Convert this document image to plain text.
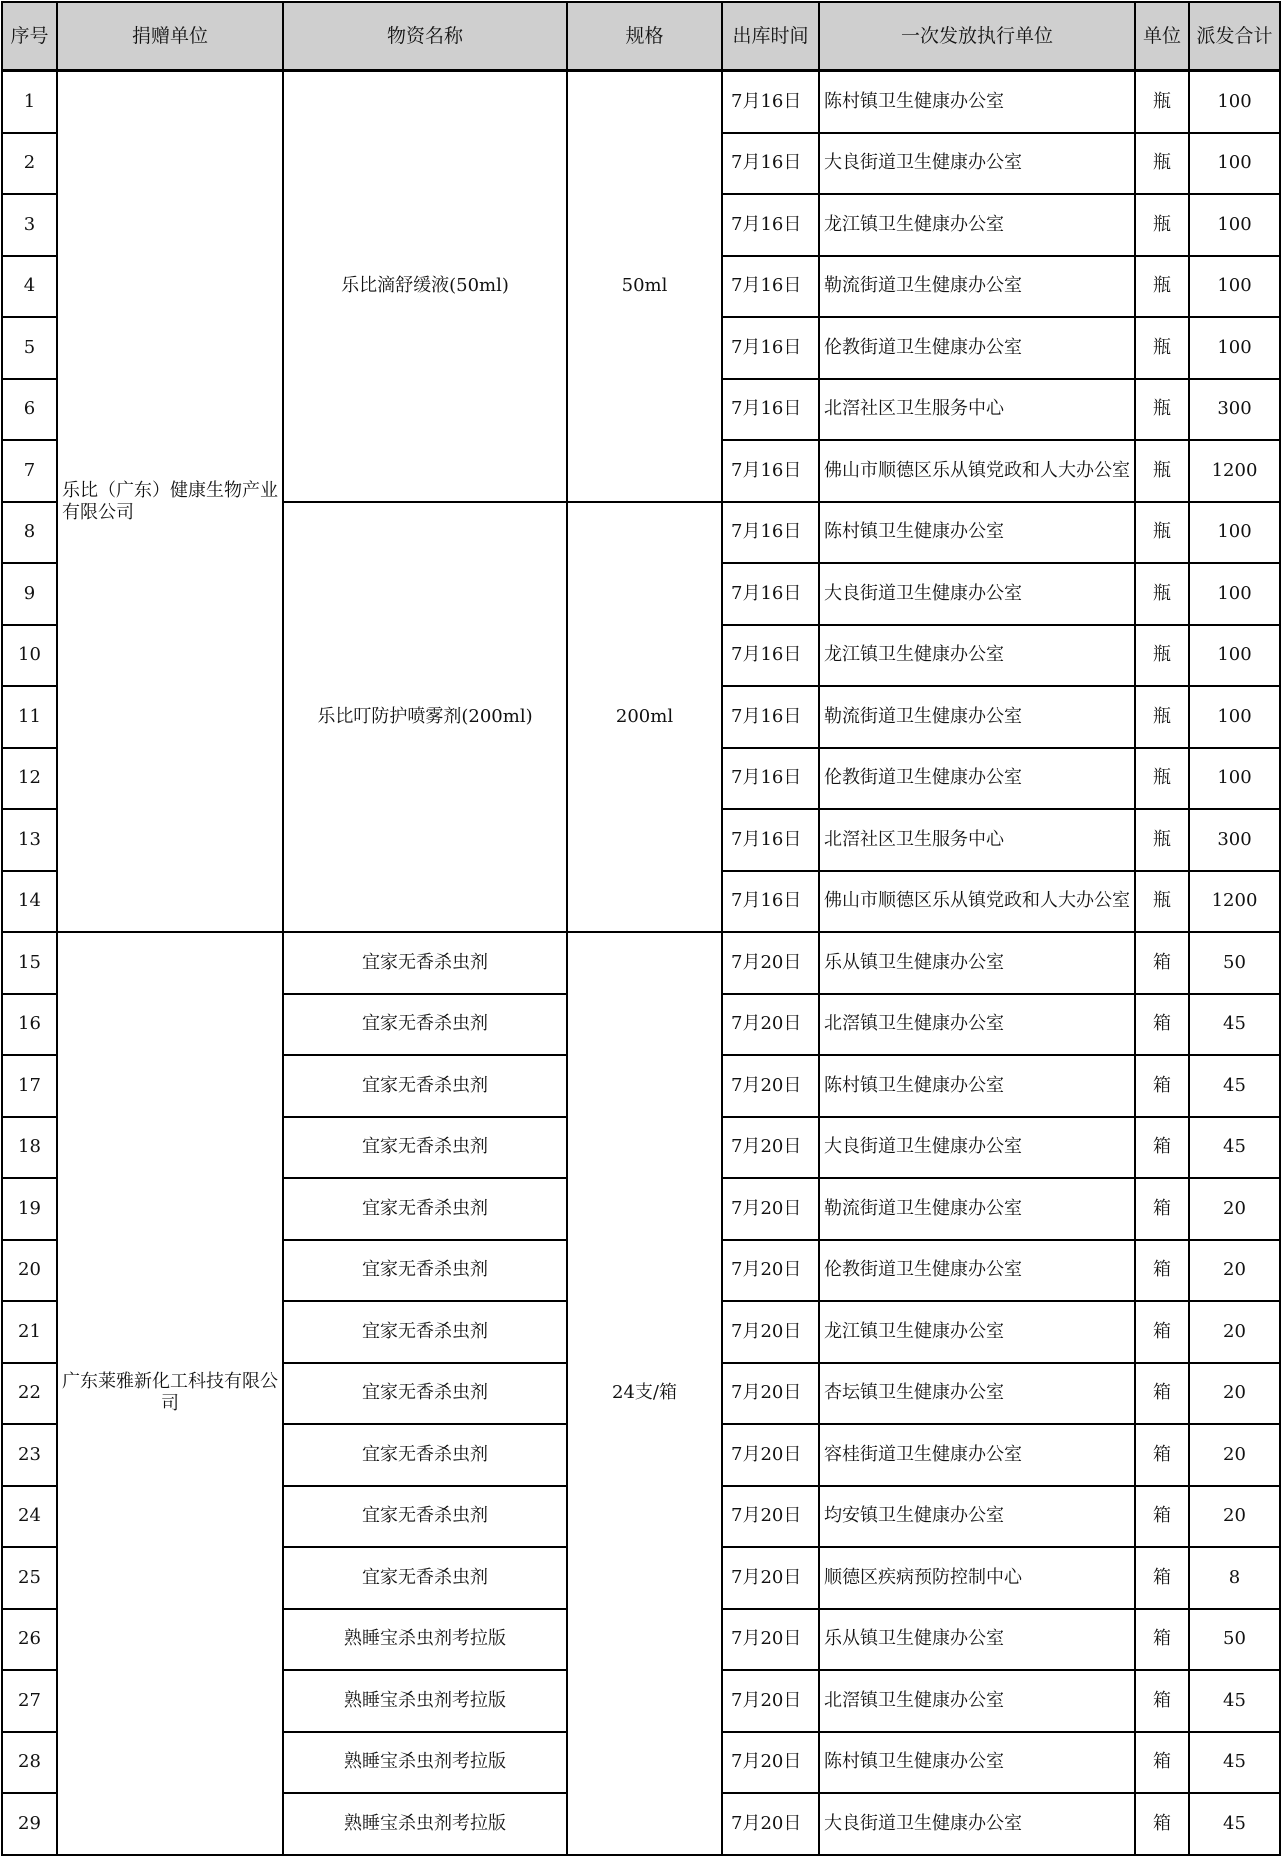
序号	捐赠单位	物资名称	规格	出库时间	一次发放执行单位	单位	派发合计
1	乐比（广东）健康生物产业有限公司	乐比滴舒缓液(50ml)	50ml	7月16日	陈村镇卫生健康办公室	瓶	100
2				7月16日	大良街道卫生健康办公室	瓶	100
3				7月16日	龙江镇卫生健康办公室	瓶	100
4				7月16日	勒流街道卫生健康办公室	瓶	100
5				7月16日	伦教街道卫生健康办公室	瓶	100
6				7月16日	北滘社区卫生服务中心	瓶	300
7				7月16日	佛山市顺德区乐从镇党政和人大办公室	瓶	1200
8		乐比叮防护喷雾剂(200ml)	200ml	7月16日	陈村镇卫生健康办公室	瓶	100
9				7月16日	大良街道卫生健康办公室	瓶	100
10				7月16日	龙江镇卫生健康办公室	瓶	100
11				7月16日	勒流街道卫生健康办公室	瓶	100
12				7月16日	伦教街道卫生健康办公室	瓶	100
13				7月16日	北滘社区卫生服务中心	瓶	300
14				7月16日	佛山市顺德区乐从镇党政和人大办公室	瓶	1200
15	广东莱雅新化工科技有限公司	宜家无香杀虫剂	24支/箱	7月20日	乐从镇卫生健康办公室	箱	50
16		宜家无香杀虫剂		7月20日	北滘镇卫生健康办公室	箱	45
17		宜家无香杀虫剂		7月20日	陈村镇卫生健康办公室	箱	45
18		宜家无香杀虫剂		7月20日	大良街道卫生健康办公室	箱	45
19		宜家无香杀虫剂		7月20日	勒流街道卫生健康办公室	箱	20
20		宜家无香杀虫剂		7月20日	伦教街道卫生健康办公室	箱	20
21		宜家无香杀虫剂		7月20日	龙江镇卫生健康办公室	箱	20
22		宜家无香杀虫剂		7月20日	杏坛镇卫生健康办公室	箱	20
23		宜家无香杀虫剂		7月20日	容桂街道卫生健康办公室	箱	20
24		宜家无香杀虫剂		7月20日	均安镇卫生健康办公室	箱	20
25		宜家无香杀虫剂		7月20日	顺德区疾病预防控制中心	箱	8
26		熟睡宝杀虫剂考拉版		7月20日	乐从镇卫生健康办公室	箱	50
27		熟睡宝杀虫剂考拉版		7月20日	北滘镇卫生健康办公室	箱	45
28		熟睡宝杀虫剂考拉版		7月20日	陈村镇卫生健康办公室	箱	45
29		熟睡宝杀虫剂考拉版		7月20日	大良街道卫生健康办公室	箱	45
